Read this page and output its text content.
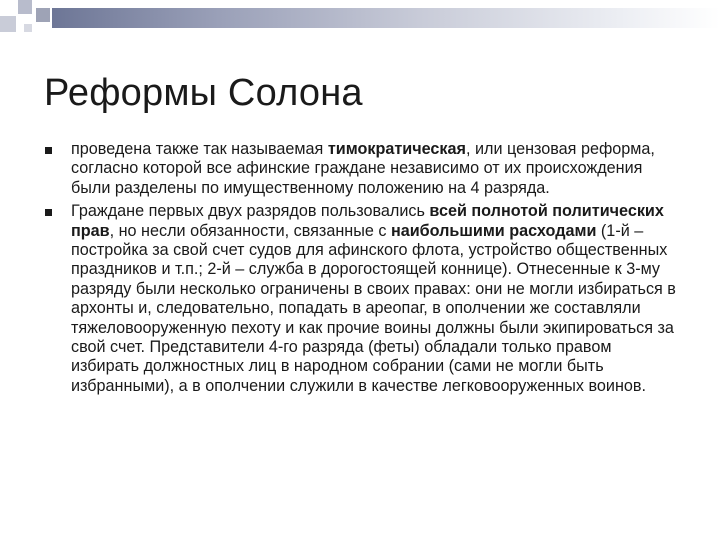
Реформы Солона
проведена также так называемая тимократическая, или цензовая реформа, согласно которой все афинские граждане независимо от их происхождения были разделены по имущественному положению на 4 разряда.
Граждане первых двух разрядов пользовались всей полнотой политических прав, но несли обязанности, связанные с наибольшими расходами (1-й – постройка за свой счет судов для афинского флота, устройство общественных праздников и т.п.; 2-й – служба в дорогостоящей коннице). Отнесенные к 3-му разряду были несколько ограничены в своих правах: они не могли избираться в архонты и, следовательно, попадать в ареопаг, в ополчении же составляли тяжеловооруженную пехоту и как прочие воины должны были экипироваться за свой счет. Представители 4-го разряда (феты) обладали только правом избирать должностных лиц в народном собрании (сами не могли быть избранными), а в ополчении служили в качестве легковооруженных воинов.
